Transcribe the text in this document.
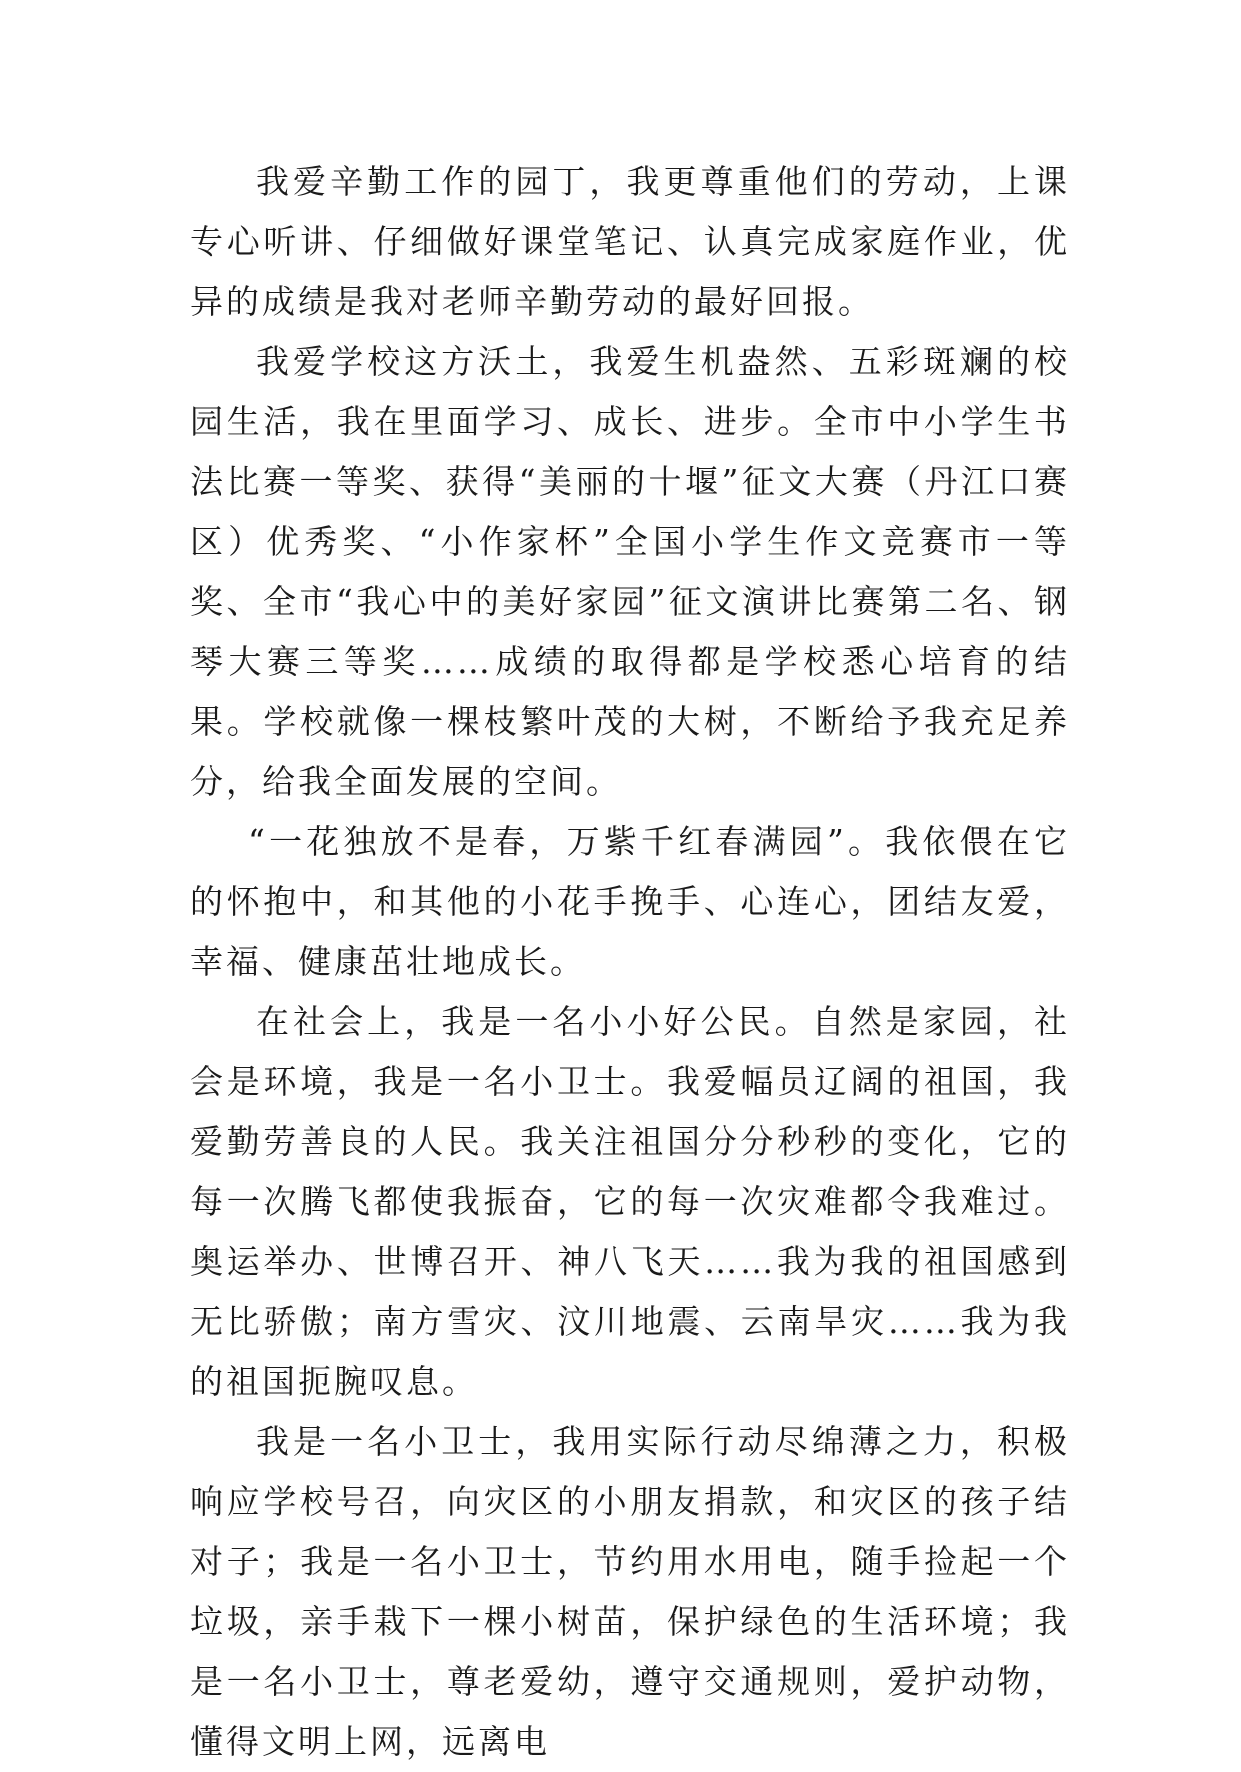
我爱辛勤工作的园丁，我更尊重他们的劳动，上课专心听讲、仔细做好课堂笔记、认真完成家庭作业，优异的成绩是我对老师辛勤劳动的最好回报。

我爱学校这方沃土，我爱生机盎然、五彩斑斓的校园生活，我在里面学习、成长、进步。全市中小学生书法比赛一等奖、获得“美丽的十堰”征文大赛（丹江口赛区）优秀奖、“小作家杯”全国小学生作文竞赛市一等奖、全市“我心中的美好家园”征文演讲比赛第二名、钢琴大赛三等奖……成绩的取得都是学校悉心培育的结果。学校就像一棵枝繁叶茂的大树，不断给予我充足养分，给我全面发展的空间。

“一花独放不是春，万紫千红春满园”。我依偎在它的怀抱中，和其他的小花手挽手、心连心，团结友爱，幸福、健康茁壮地成长。

在社会上，我是一名小小好公民。自然是家园，社会是环境，我是一名小卫士。我爱幅员辽阔的祖国，我爱勤劳善良的人民。我关注祖国分分秒秒的变化，它的每一次腾飞都使我振奋，它的每一次灾难都令我难过。奥运举办、世博召开、神八飞天……我为我的祖国感到无比骄傲；南方雪灾、汶川地震、云南旱灾……我为我的祖国扼腕叹息。

我是一名小卫士，我用实际行动尽绵薄之力，积极响应学校号召，向灾区的小朋友捐款，和灾区的孩子结对子；我是一名小卫士，节约用水用电，随手捡起一个垃圾，亲手栽下一棵小树苗，保护绿色的生活环境；我是一名小卫士，尊老爱幼，遵守交通规则，爱护动物，懂得文明上网，远离电
